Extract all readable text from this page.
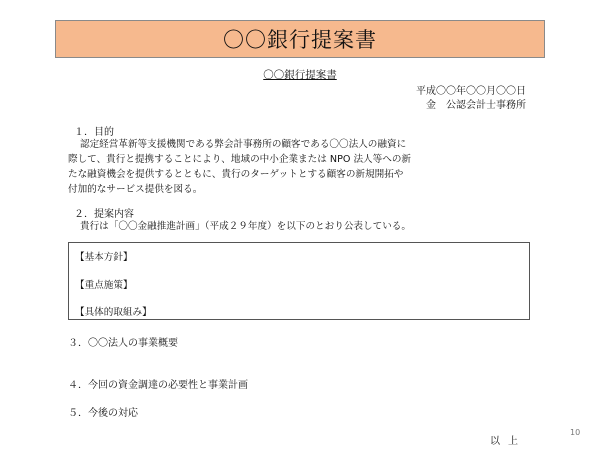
〇〇銀行提案書
〇〇銀行提案書
平成〇〇年〇〇月〇〇日
金　公認会計士事務所
１．目的
認定経営革新等支援機関である弊会計事務所の顧客である〇〇法人の融資に
際して、貴行と提携することにより、地域の中小企業または NPO 法人等への新
たな融資機会を提供するとともに、貴行のターゲットとする顧客の新規開拓や
付加的なサービス提供を図る。
２．提案内容
貴行は「〇〇金融推進計画」（平成２９年度）を以下のとおり公表している。
【基本方針】
【重点施策】
【具体的取組み】
３．〇〇法人の事業概要
４．今回の資金調達の必要性と事業計画
５．今後の対応
以上
10
